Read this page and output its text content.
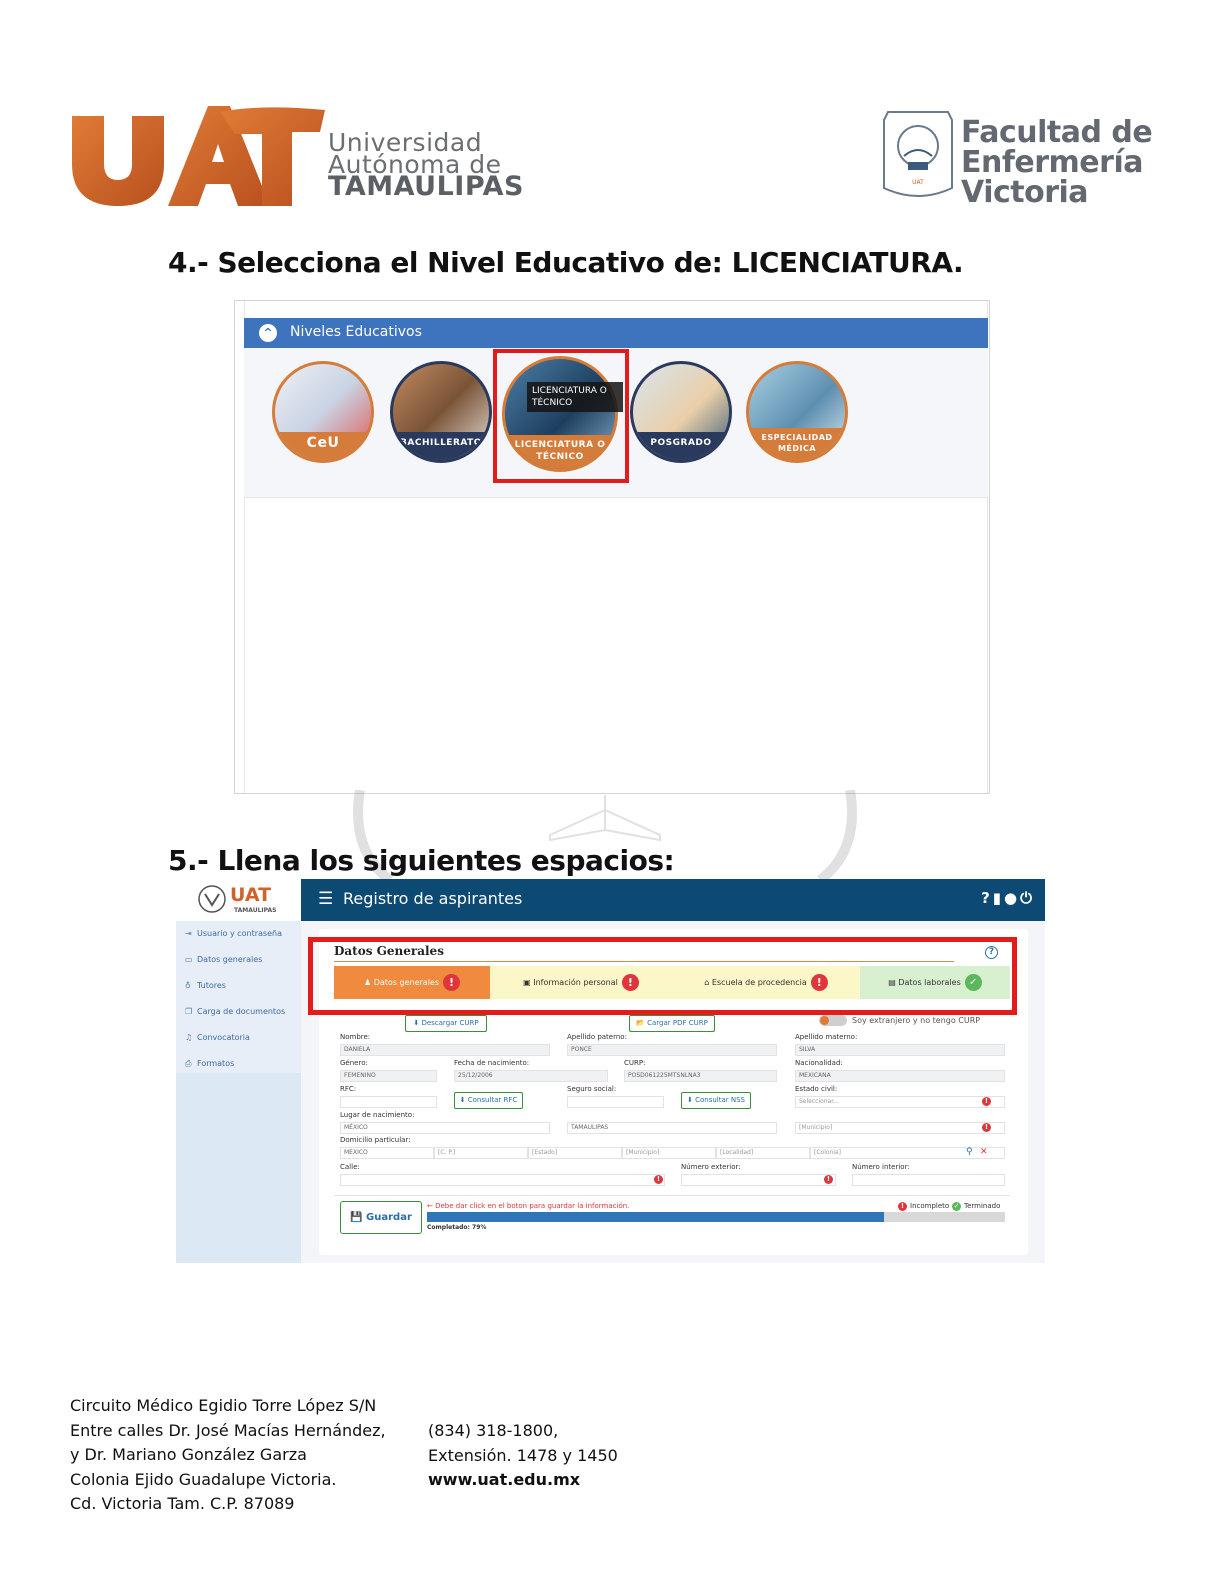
Universidad
Autónoma de
TAMAULIPAS	UAT
Facultad de
Enfermería
Victoria
4.- Selecciona el Nivel Educativo de: LICENCIATURA.
^	Niveles Educativos
CeU	BACHILLERATO	LICENCIATURA O TÉCNICO
POSGRADO
ESPECIALIDAD MÉDICA
LICENCIATURA O TÉCNICO
5.- Llena los siguientes espacios:
UAT
TAMAULIPAS
☰ Registro de aspirantes	?▮●⏻
⇥ Usuario y contraseña
▭ Datos generales
♁ Tutores
❐ Carga de documentos
♫ Convocatoria
⎙ Formatos
Datos Generales	?
♟ Datos generales !	▣ Información personal !	⌂ Escuela de procedencia !	▤ Datos laborales ✓
⬇ Descargar CURP	📂 Cargar PDF CURP	Soy extranjero y no tengo CURP
Nombre:
DANIELA
Apellido paterno:
PONCE
Apellido materno:
SILVA
Género:
FEMENINO
Fecha de nacimiento:
25/12/2006
CURP:
POSD061225MTSNLNA3
Nacionalidad:
MEXICANA
RFC:
⬇ Consultar RFC
Seguro social:
⬇ Consultar NSS
Estado civil:
Seleccionar...	!
Lugar de nacimiento:
MÉXICO	TAMAULIPAS	[Municipio]	!
Domicilio particular:
MEXICO	[C. P.]	[Estado]	[Municipio]	[Localidad]	[Colonia]	⚲ ✕
Calle:
!
Número exterior:
!
Número interior:
💾 Guardar
← Debe dar click en el boton para guardar la información.	! Incompleto ✓ Terminado
Completado: 79%
Circuito Médico Egidio Torre López S/N
Entre calles Dr. José Macías Hernández,
y Dr. Mariano González Garza
Colonia Ejido Guadalupe Victoria.
Cd. Victoria Tam. C.P. 87089
(834) 318-1800,
Extensión. 1478 y 1450
www.uat.edu.mx
